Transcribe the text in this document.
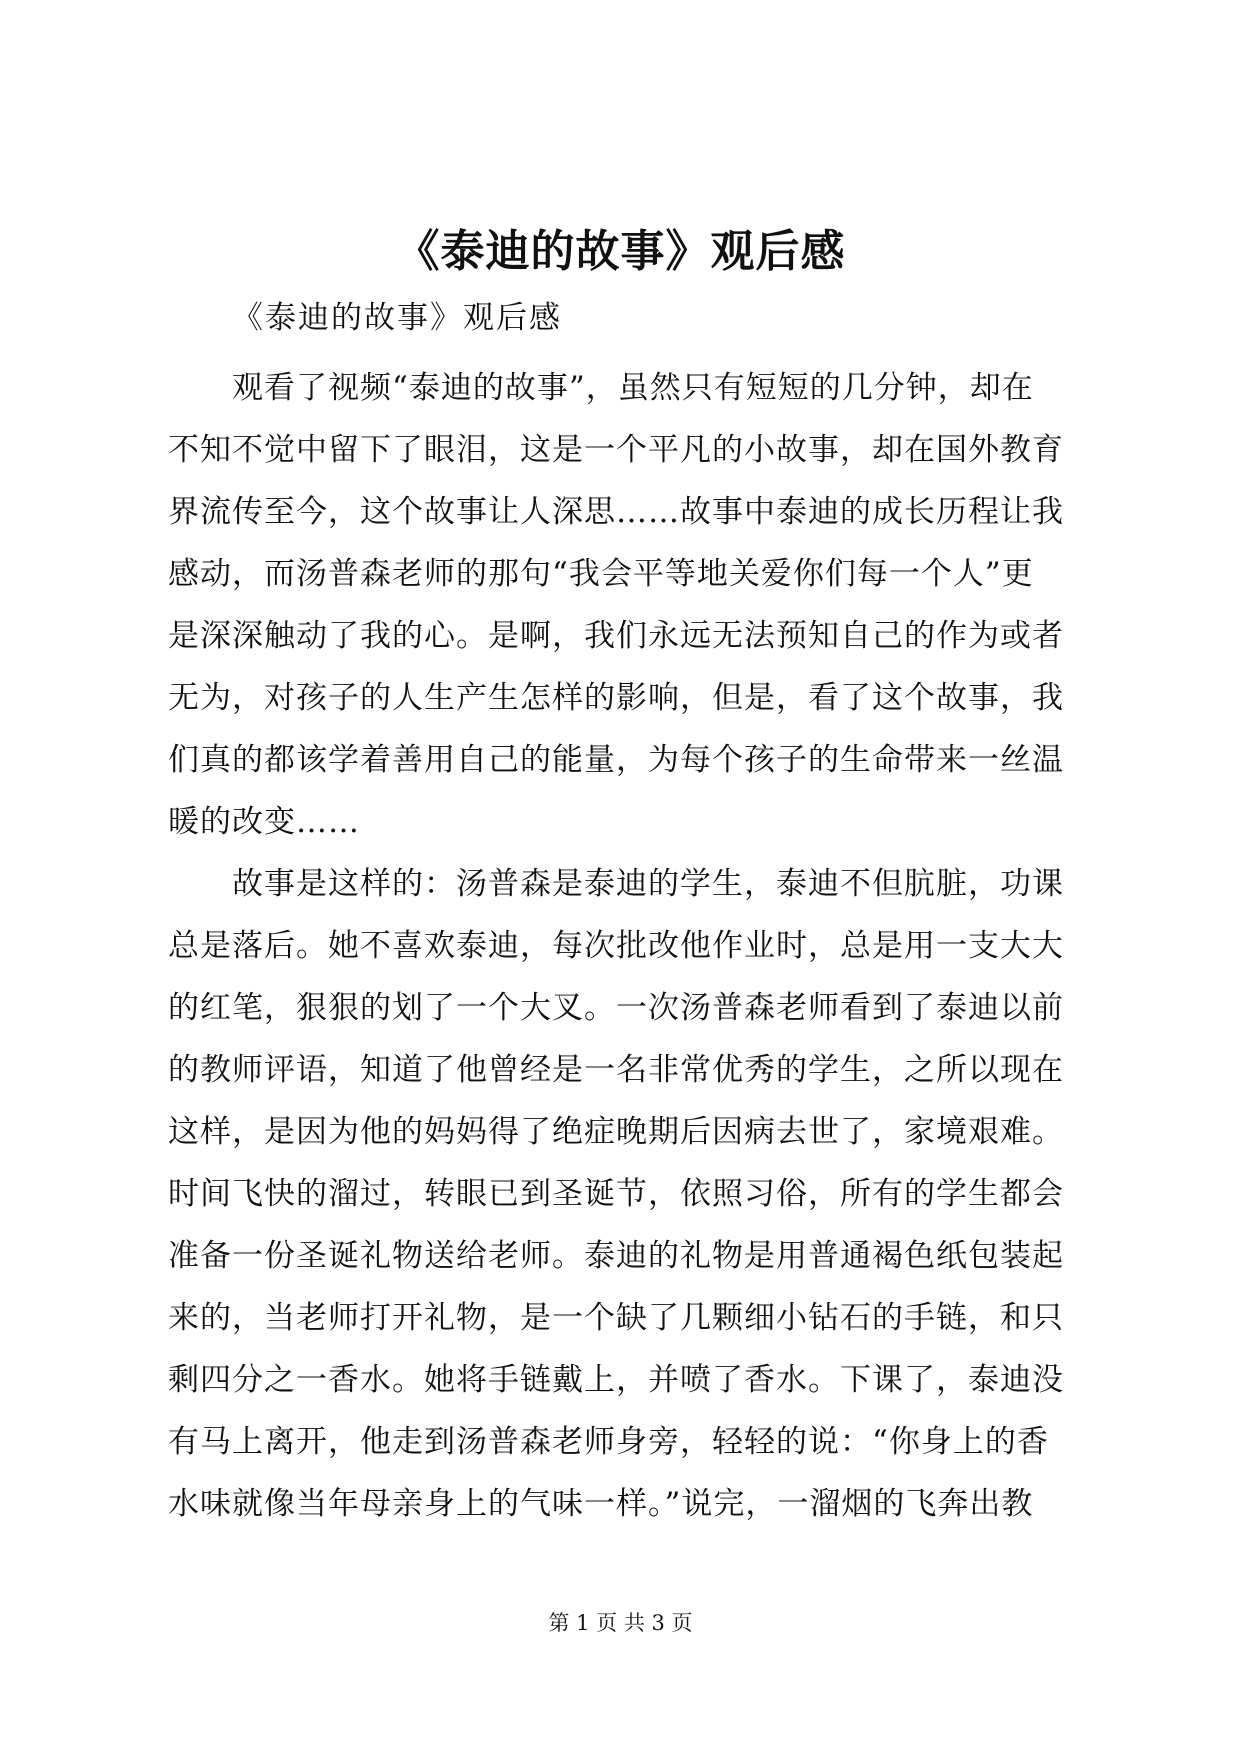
《泰迪的故事》观后感

《泰迪的故事》观后感

观看了视频“泰迪的故事”，虽然只有短短的几分钟，却在
不知不觉中留下了眼泪，这是一个平凡的小故事，却在国外教育
界流传至今，这个故事让人深思……故事中泰迪的成长历程让我
感动，而汤普森老师的那句“我会平等地关爱你们每一个人”更
是深深触动了我的心。是啊，我们永远无法预知自己的作为或者
无为，对孩子的人生产生怎样的影响，但是，看了这个故事，我
们真的都该学着善用自己的能量，为每个孩子的生命带来一丝温
暖的改变……
故事是这样的：汤普森是泰迪的学生，泰迪不但肮脏，功课
总是落后。她不喜欢泰迪，每次批改他作业时，总是用一支大大
的红笔，狠狠的划了一个大叉。一次汤普森老师看到了泰迪以前
的教师评语，知道了他曾经是一名非常优秀的学生，之所以现在
这样，是因为他的妈妈得了绝症晚期后因病去世了，家境艰难。
时间飞快的溜过，转眼已到圣诞节，依照习俗，所有的学生都会
准备一份圣诞礼物送给老师。泰迪的礼物是用普通褐色纸包装起
来的，当老师打开礼物，是一个缺了几颗细小钻石的手链，和只
剩四分之一香水。她将手链戴上，并喷了香水。下课了，泰迪没
有马上离开，他走到汤普森老师身旁，轻轻的说：“你身上的香
水味就像当年母亲身上的气味一样。”说完，一溜烟的飞奔出教

第 1 页 共 3 页
